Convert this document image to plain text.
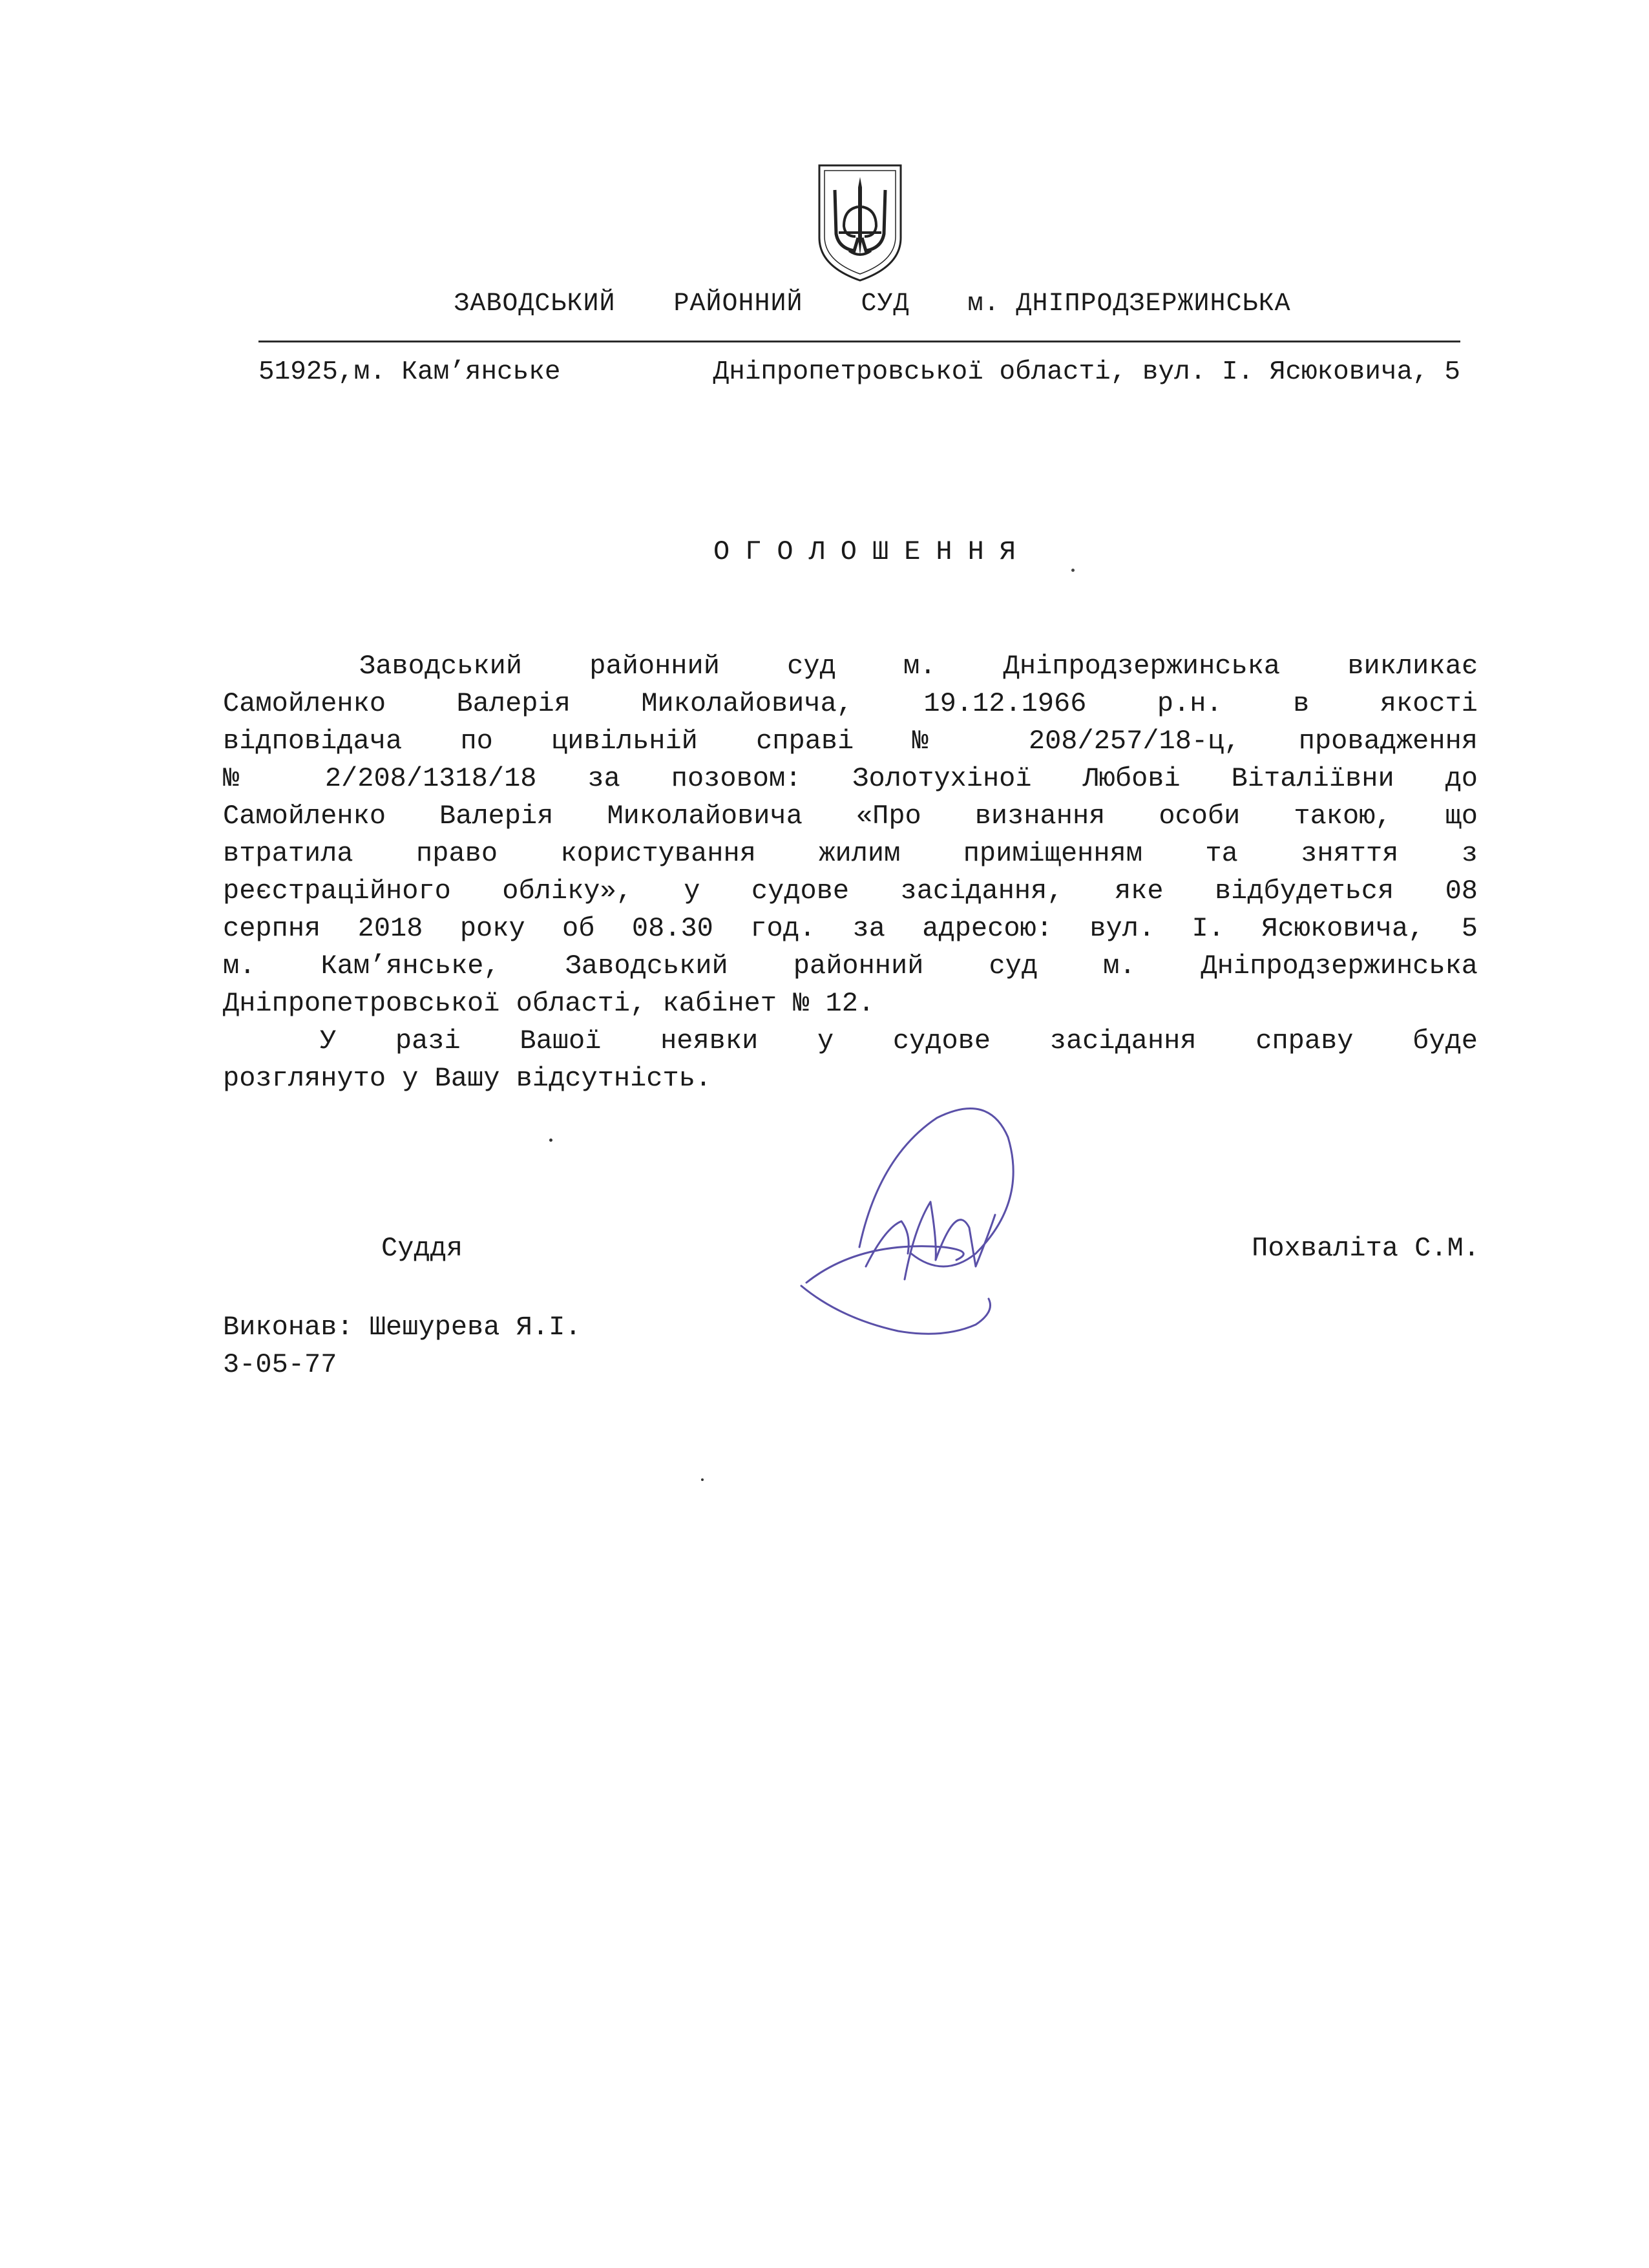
ЗАВОДСЬКИЙ РАЙОННИЙ СУД м. ДНІПРОДЗЕРЖИНСЬКА
51925,м. Кам’янське	Дніпропетровської області, вул. І. Ясюковича, 5
ОГОЛОШЕННЯ
Заводський районний суд м. Дніпродзержинська викликає
Самойленко Валерія Миколайовича, 19.12.1966 р.н. в якості
відповідача по цивільній справі № 208/257/18-ц, провадження
№ 2/208/1318/18 за позовом: Золотухіної Любові Віталіївни до
Самойленко Валерія Миколайовича «Про визнання особи такою, що
втратила право користування жилим приміщенням та зняття з
реєстраційного обліку», у судове засідання, яке відбудеться 08
серпня 2018 року об 08.30 год. за адресою: вул. І. Ясюковича, 5
м. Кам’янське, Заводський районний суд м. Дніпродзержинська
Дніпропетровської області, кабінет № 12.
У разі Вашої неявки у судове засідання справу буде
розглянуто у Вашу відсутність.
Суддя	Похваліта С.М.
Виконав: Шешурева Я.І.
3-05-77
